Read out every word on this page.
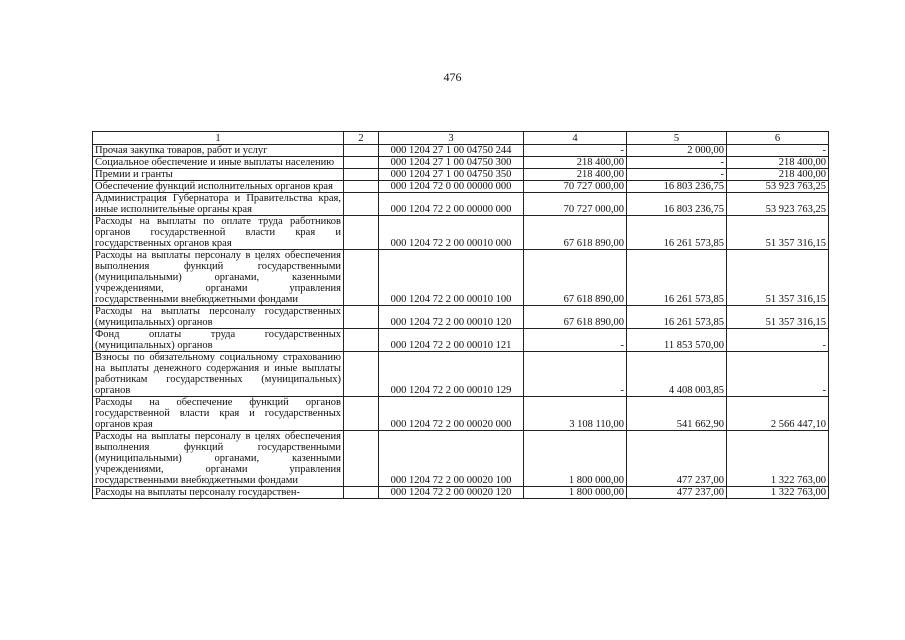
476
1	2	3	4	5	6
Прочая закупка товаров, работ и услуг		000 1204 27 1 00 04750 244	-	2 000,00	-
Социальное обеспечение и иные выплаты населению		000 1204 27 1 00 04750 300	218 400,00	-	218 400,00
Премии и гранты		000 1204 27 1 00 04750 350	218 400,00	-	218 400,00
Обеспечение функций исполнительных органов края		000 1204 72 0 00 00000 000	70 727 000,00	16 803 236,75	53 923 763,25
Администрация Губернатора и Правительства края, иные исполнительные органы края		000 1204 72 2 00 00000 000	70 727 000,00	16 803 236,75	53 923 763,25
Расходы на выплаты по оплате труда работников органов государственной власти края и государственных органов края		000 1204 72 2 00 00010 000	67 618 890,00	16 261 573,85	51 357 316,15
Расходы на выплаты персоналу в целях обеспечения выполнения функций государственными (муниципальными) органами, казенными учреждениями, органами управления государственными внебюджетными фондами		000 1204 72 2 00 00010 100	67 618 890,00	16 261 573,85	51 357 316,15
Расходы на выплаты персоналу государственных (муниципальных) органов		000 1204 72 2 00 00010 120	67 618 890,00	16 261 573,85	51 357 316,15
Фонд оплаты труда государственных (муниципальных) органов		000 1204 72 2 00 00010 121	-	11 853 570,00	-
Взносы по обязательному социальному страхованию на выплаты денежного содержания и иные выплаты работникам государственных (муниципальных) органов		000 1204 72 2 00 00010 129	-	4 408 003,85	-
Расходы на обеспечение функций органов государственной власти края и государственных органов края		000 1204 72 2 00 00020 000	3 108 110,00	541 662,90	2 566 447,10
Расходы на выплаты персоналу в целях обеспечения выполнения функций государственными (муниципальными) органами, казенными учреждениями, органами управления государственными внебюджетными фондами		000 1204 72 2 00 00020 100	1 800 000,00	477 237,00	1 322 763,00
Расходы на выплаты персоналу государствен-		000 1204 72 2 00 00020 120	1 800 000,00	477 237,00	1 322 763,00
